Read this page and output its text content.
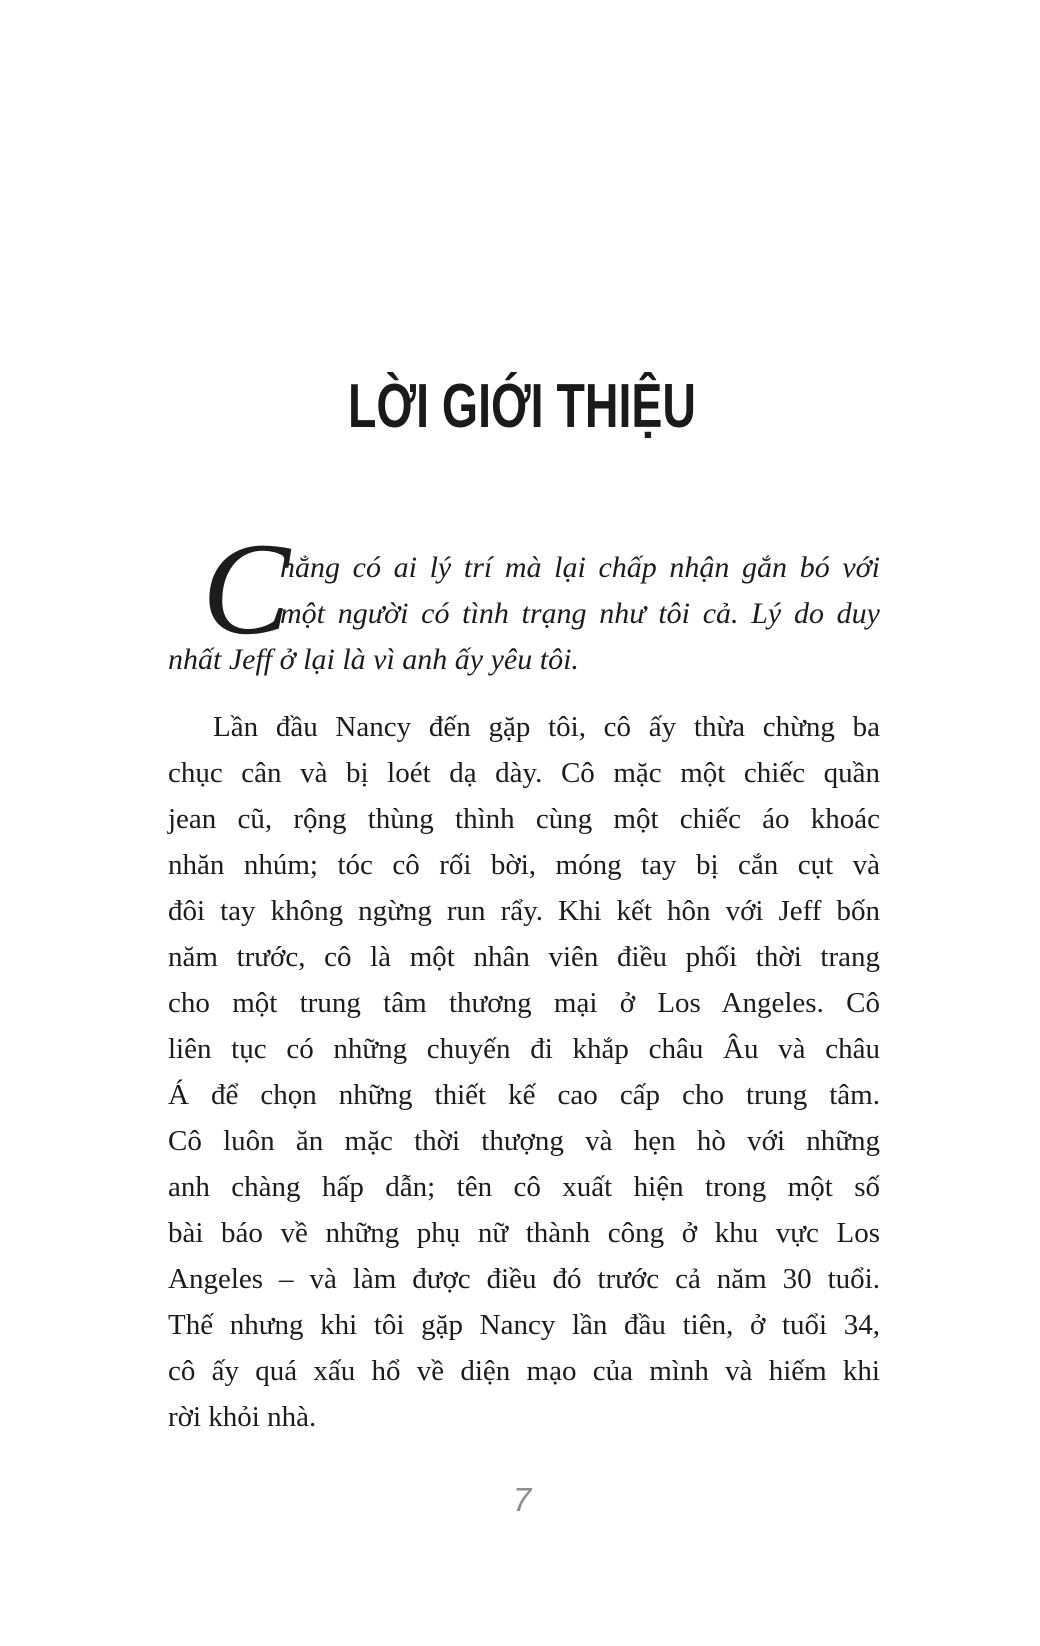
LỜI GIỚI THIỆU
C
hẳng có ai lý trí mà lại chấp nhận gắn bó với
một người có tình trạng như tôi cả. Lý do duy
nhất Jeff ở lại là vì anh ấy yêu tôi.
Lần đầu Nancy đến gặp tôi, cô ấy thừa chừng ba
chục cân và bị loét dạ dày. Cô mặc một chiếc quần
jean cũ, rộng thùng thình cùng một chiếc áo khoác
nhăn nhúm; tóc cô rối bời, móng tay bị cắn cụt và
đôi tay không ngừng run rẩy. Khi kết hôn với Jeff bốn
năm trước, cô là một nhân viên điều phối thời trang
cho một trung tâm thương mại ở Los Angeles. Cô
liên tục có những chuyến đi khắp châu Âu và châu
Á để chọn những thiết kế cao cấp cho trung tâm.
Cô luôn ăn mặc thời thượng và hẹn hò với những
anh chàng hấp dẫn; tên cô xuất hiện trong một số
bài báo về những phụ nữ thành công ở khu vực Los
Angeles – và làm được điều đó trước cả năm 30 tuổi.
Thế nhưng khi tôi gặp Nancy lần đầu tiên, ở tuổi 34,
cô ấy quá xấu hổ về diện mạo của mình và hiếm khi
rời khỏi nhà.
7
